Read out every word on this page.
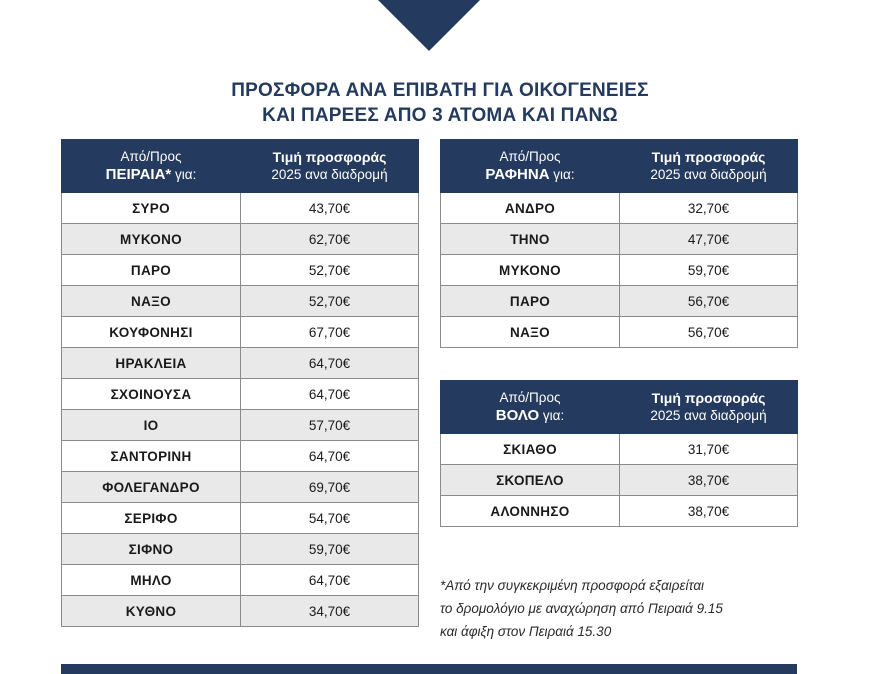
ΠΡΟΣΦΟΡΑ ΑΝΑ ΕΠΙΒΑΤΗ ΓΙΑ ΟΙΚΟΓΕΝΕΙΕΣ
ΚΑΙ ΠΑΡΕΕΣ ΑΠΟ 3 ΑΤΟΜΑ ΚΑΙ ΠΑΝΩ
Από/Προς
ΠΕΙΡΑΙΑ* για:

Τιμή προσφοράς
2025 ανα διαδρομή

ΣΥΡΟ	43,70€
ΜΥΚΟΝΟ	62,70€
ΠΑΡΟ	52,70€
ΝΑΞΟ	52,70€
ΚΟΥΦΟΝΗΣΙ	67,70€
ΗΡΑΚΛΕΙΑ	64,70€
ΣΧΟΙΝΟΥΣΑ	64,70€
ΙΟ	57,70€
ΣΑΝΤΟΡΙΝΗ	64,70€
ΦΟΛΕΓΑΝΔΡΟ	69,70€
ΣΕΡΙΦΟ	54,70€
ΣΙΦΝΟ	59,70€
ΜΗΛΟ	64,70€
ΚΥΘΝΟ	34,70€
Από/Προς
ΡΑΦΗΝΑ για:

Τιμή προσφοράς
2025 ανα διαδρομή

ΑΝΔΡΟ	32,70€
ΤΗΝΟ	47,70€
ΜΥΚΟΝΟ	59,70€
ΠΑΡΟ	56,70€
ΝΑΞΟ	56,70€
Από/Προς
ΒΟΛΟ για:

Τιμή προσφοράς
2025 ανα διαδρομή

ΣΚΙΑΘΟ	31,70€
ΣΚΟΠΕΛΟ	38,70€
ΑΛΟΝΝΗΣΟ	38,70€
*Από την συγκεκριμένη προσφορά εξαιρείται
το δρομολόγιο με αναχώρηση από Πειραιά 9.15
και άφιξη στον Πειραιά 15.30
